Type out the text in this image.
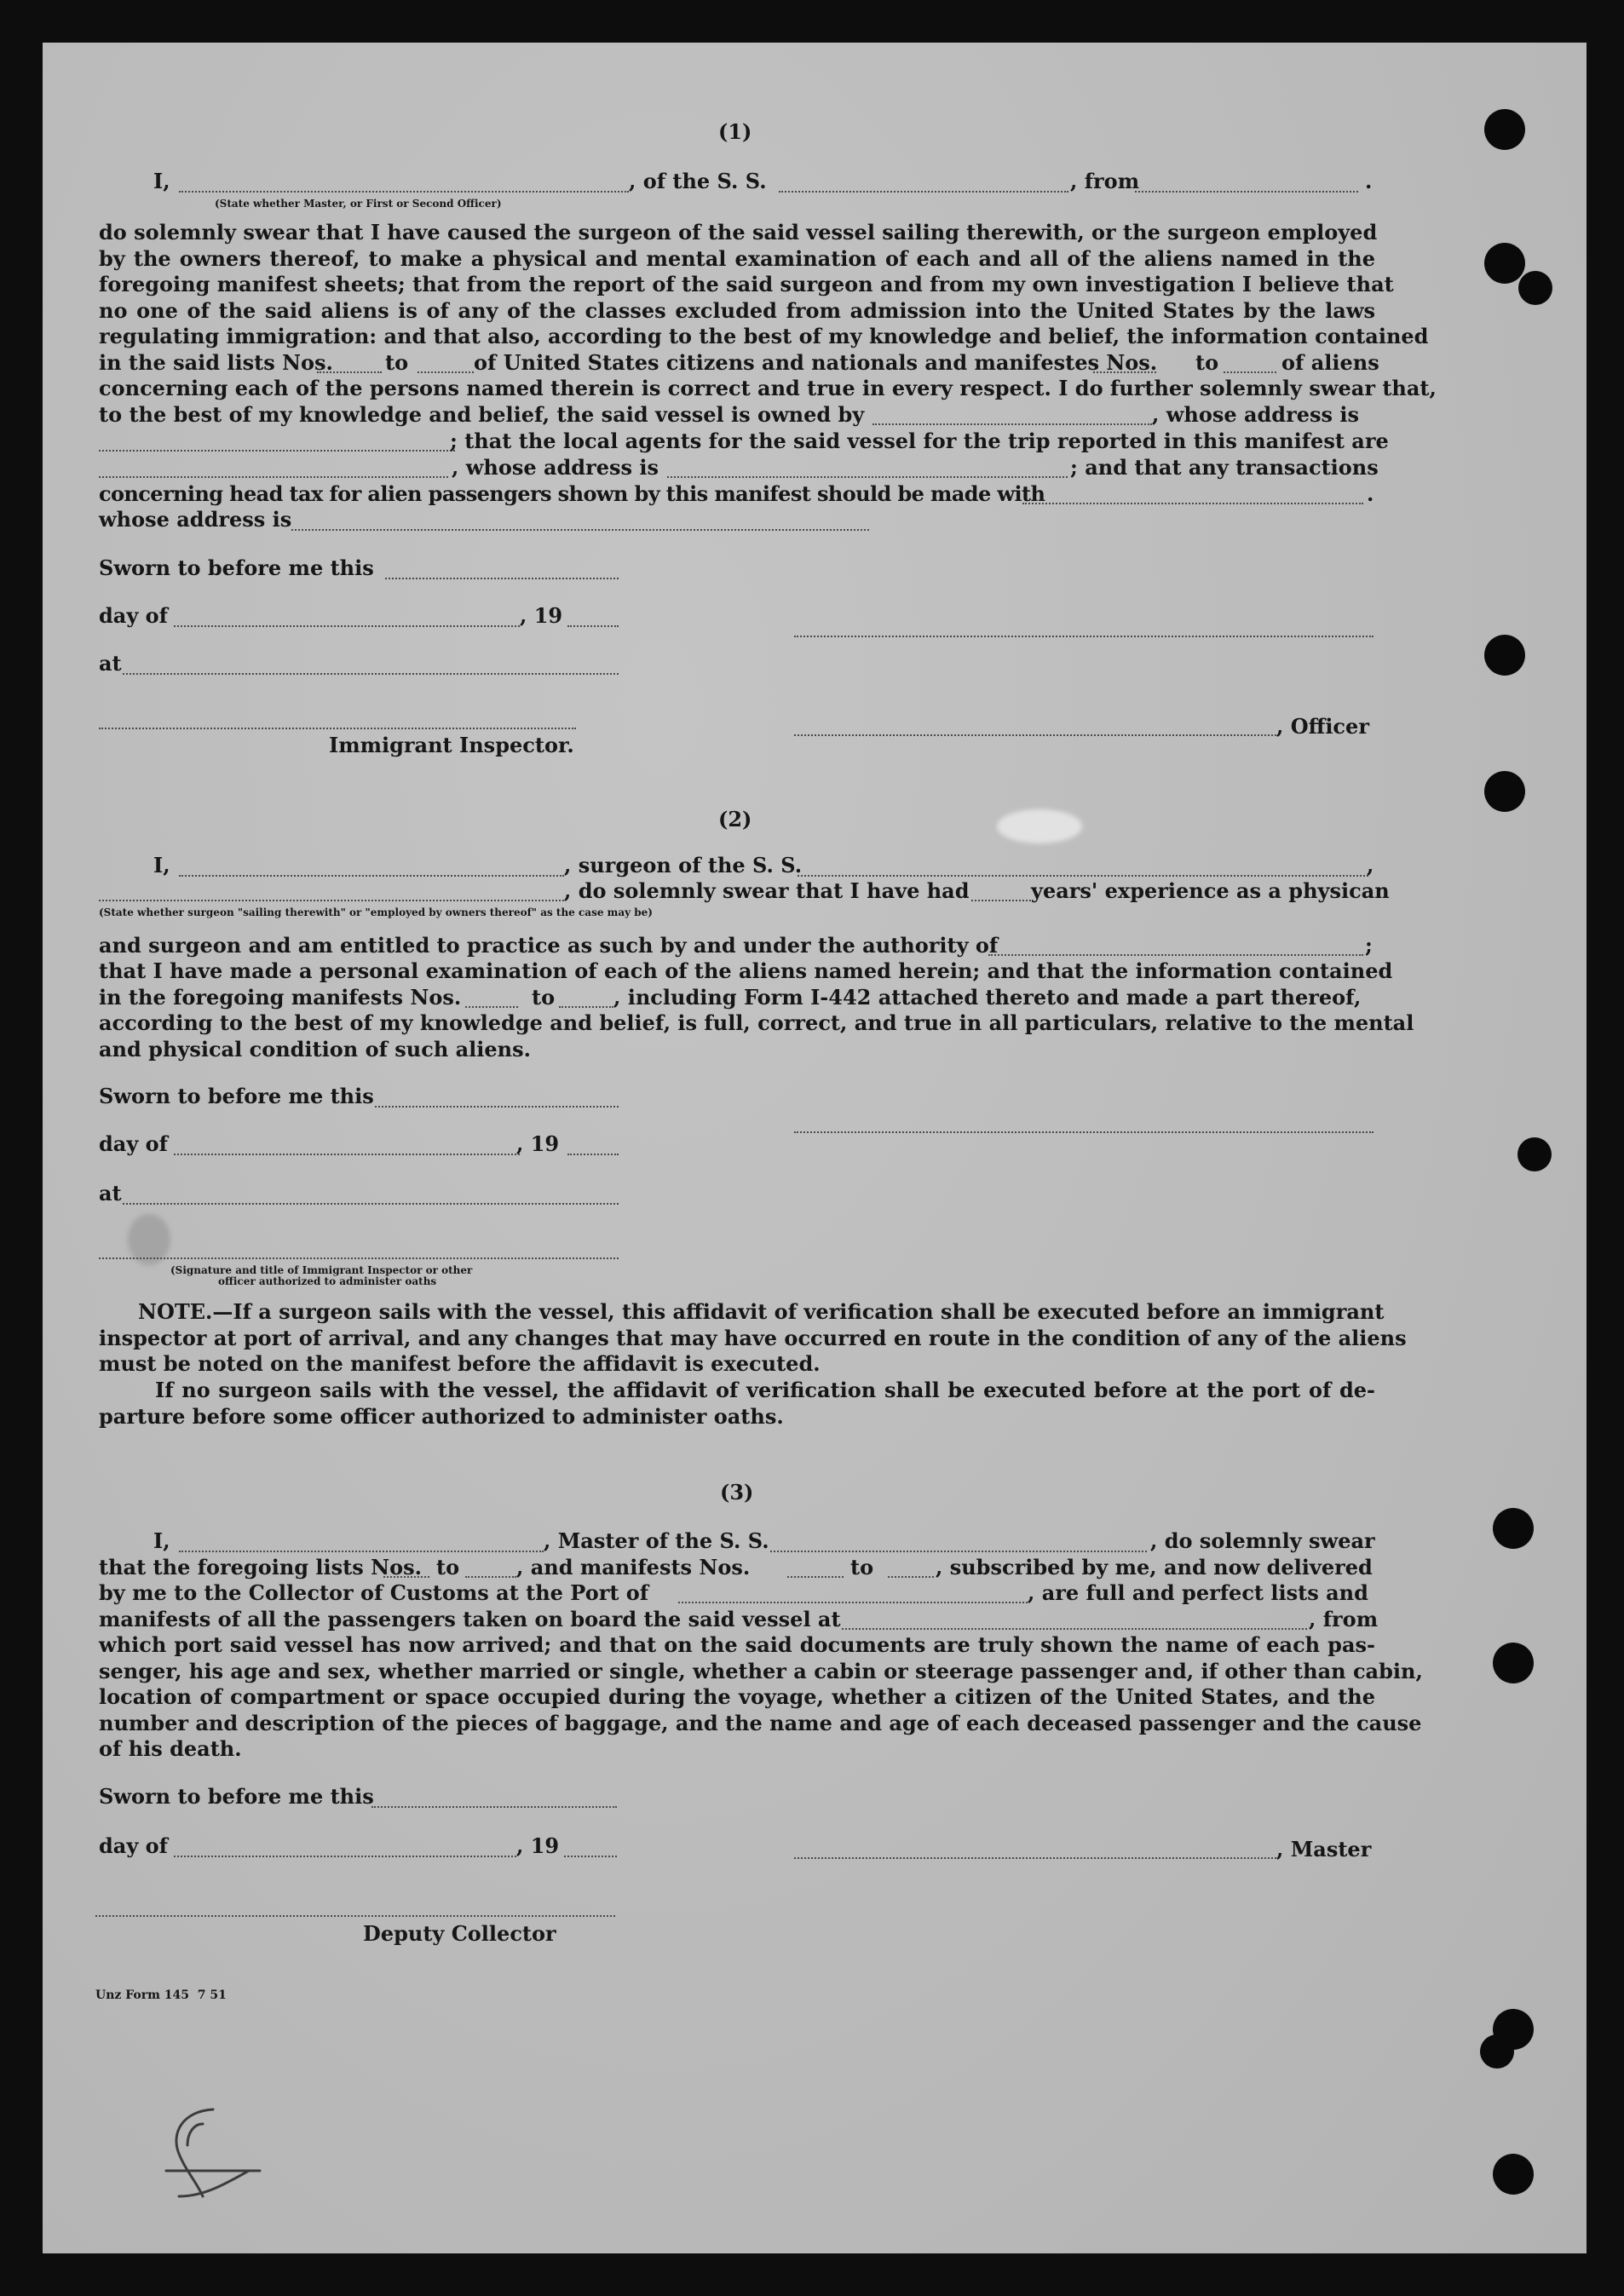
(1)
I,	, of the S. S.	, from	.
(State whether Master, or First or Second Officer)
do solemnly swear that I have caused the surgeon of the said vessel sailing therewith, or the surgeon employed
by the owners thereof, to make a physical and mental examination of each and all of the aliens named in the
foregoing manifest sheets; that from the report of the said surgeon and from my own investigation I believe that
no one of the said aliens is of any of the classes excluded from admission into the United States by the laws
regulating immigration: and that also, according to the best of my knowledge and belief, the information contained
in the said lists Nos.	to	of United States citizens and nationals and manifestes Nos. to	of aliens
concerning each of the persons named therein is correct and true in every respect. I do further solemnly swear that,
to the best of my knowledge and belief, the said vessel is owned by	, whose address is
; that the local agents for the said vessel for the trip reported in this manifest are
, whose address is	; and that any transactions
concerning head tax for alien passengers shown by this manifest should be made with	.
whose address is
Sworn to before me this
day of	, 19
at
, Officer
Immigrant Inspector.
(2)
I,	, surgeon of the S. S.	,
, do solemnly swear that I have had	years' experience as a physican
(State whether surgeon "sailing therewith" or "employed by owners thereof" as the case may be)
and surgeon and am entitled to practice as such by and under the authority of	;
that I have made a personal examination of each of the aliens named herein; and that the information contained
in the foregoing manifests Nos.	to	, including Form I-442 attached thereto and made a part thereof,
according to the best of my knowledge and belief, is full, correct, and true in all particulars, relative to the mental
and physical condition of such aliens.
Sworn to before me this
day of	, 19
at
(Signature and title of Immigrant Inspector or other
officer authorized to administer oaths
NOTE.—If a surgeon sails with the vessel, this affidavit of verification shall be executed before an immigrant
inspector at port of arrival, and any changes that may have occurred en route in the condition of any of the aliens
must be noted on the manifest before the affidavit is executed.
If no surgeon sails with the vessel, the affidavit of verification shall be executed before at the port of de-
parture before some officer authorized to administer oaths.
(3)
I,	, Master of the S. S.	, do solemnly swear
that the foregoing lists Nos. to	, and manifests Nos.	to	, subscribed by me, and now delivered
by me to the Collector of Customs at the Port of	, are full and perfect lists and
manifests of all the passengers taken on board the said vessel at	, from
which port said vessel has now arrived; and that on the said documents are truly shown the name of each pas-
senger, his age and sex, whether married or single, whether a cabin or steerage passenger and, if other than cabin,
location of compartment or space occupied during the voyage, whether a citizen of the United States, and the
number and description of the pieces of baggage, and the name and age of each deceased passenger and the cause
of his death.
Sworn to before me this
day of	, 19	, Master
Deputy Collector
Unz Form 145  7 51
